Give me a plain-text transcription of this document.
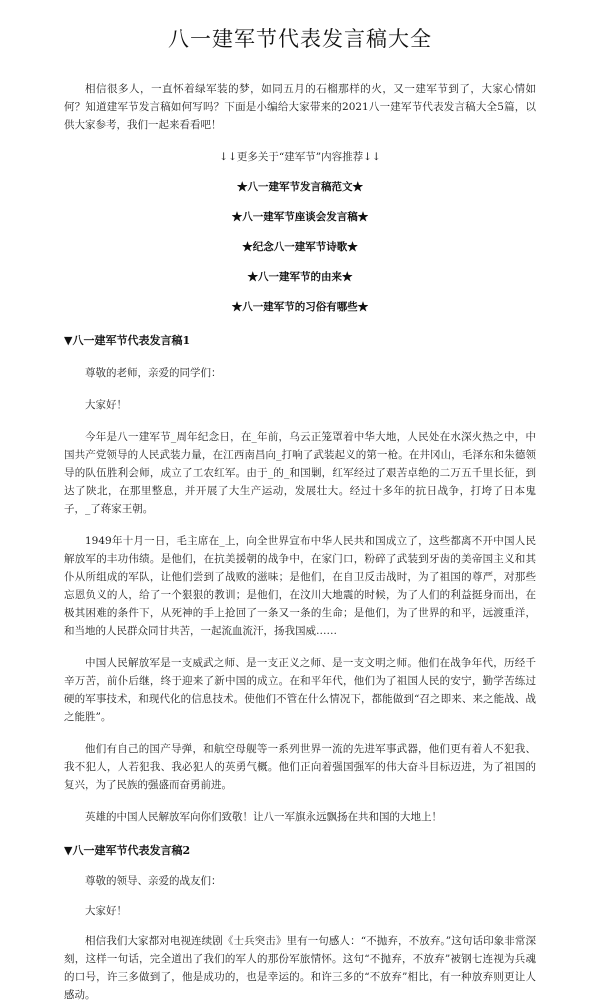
八一建军节代表发言稿大全

相信很多人，一直怀着绿军装的梦，如同五月的石榴那样的火，又一建军节到了，大家心情如何？知道建军节发言稿如何写吗？下面是小编给大家带来的2021八一建军节代表发言稿大全5篇，以供大家参考，我们一起来看看吧！

↓↓更多关于“建军节”内容推荐↓↓

★八一建军节发言稿范文★

★八一建军节座谈会发言稿★

★纪念八一建军节诗歌★

★八一建军节的由来★

★八一建军节的习俗有哪些★

▼八一建军节代表发言稿1

尊敬的老师，亲爱的同学们：

大家好！

今年是八一建军节_周年纪念日，在_年前，乌云正笼罩着中华大地，人民处在水深火热之中，中国共产党领导的人民武装力量，在江西南昌向_打响了武装起义的第一枪。在井冈山，毛泽东和朱德领导的队伍胜利会师，成立了工农红军。由于_的_和国剿，红军经过了艰苦卓绝的二万五千里长征，到达了陕北，在那里整息，并开展了大生产运动，发展壮大。经过十多年的抗日战争，打垮了日本鬼子，_了蒋家王朝。

1949年十月一日，毛主席在_上，向全世界宣布中华人民共和国成立了，这些都离不开中国人民解放军的丰功伟绩。是他们，在抗美援朝的战争中，在家门口，粉碎了武装到牙齿的美帝国主义和其仆从所组成的军队，让他们尝到了战败的滋味；是他们，在自卫反击战时，为了祖国的尊严，对那些忘恩负义的人，给了一个狠狠的教训；是他们，在汶川大地震的时候，为了人们的利益挺身而出，在极其困难的条件下，从死神的手上抢回了一条又一条的生命；是他们，为了世界的和平，远渡重洋，和当地的人民群众同甘共苦，一起流血流汗，扬我国威……

中国人民解放军是一支威武之师、是一支正义之师、是一支文明之师。他们在战争年代，历经千辛万苦，前仆后继，终于迎来了新中国的成立。在和平年代，他们为了祖国人民的安宁，勤学苦练过硬的军事技术，和现代化的信息技术。使他们不管在什么情况下，都能做到“召之即来、来之能战、战之能胜”。

他们有自己的国产导弹，和航空母舰等一系列世界一流的先进军事武器，他们更有着人不犯我、我不犯人，人若犯我、我必犯人的英勇气概。他们正向着强国强军的伟大奋斗目标迈进，为了祖国的复兴，为了民族的强盛而奋勇前进。

英雄的中国人民解放军向你们致敬！让八一军旗永远飘扬在共和国的大地上！

▼八一建军节代表发言稿2

尊敬的领导、亲爱的战友们：

大家好！

相信我们大家都对电视连续剧《士兵突击》里有一句感人：“不抛弃，不放弃。”这句话印象非常深刻，这样一句话，完全道出了我们的军人的那份军旅情怀。这句“不抛弃，不放弃”被钢七连视为兵魂的口号，许三多做到了，他是成功的，也是幸运的。和许三多的“不放弃”相比，有一种放弃则更让人感动。
